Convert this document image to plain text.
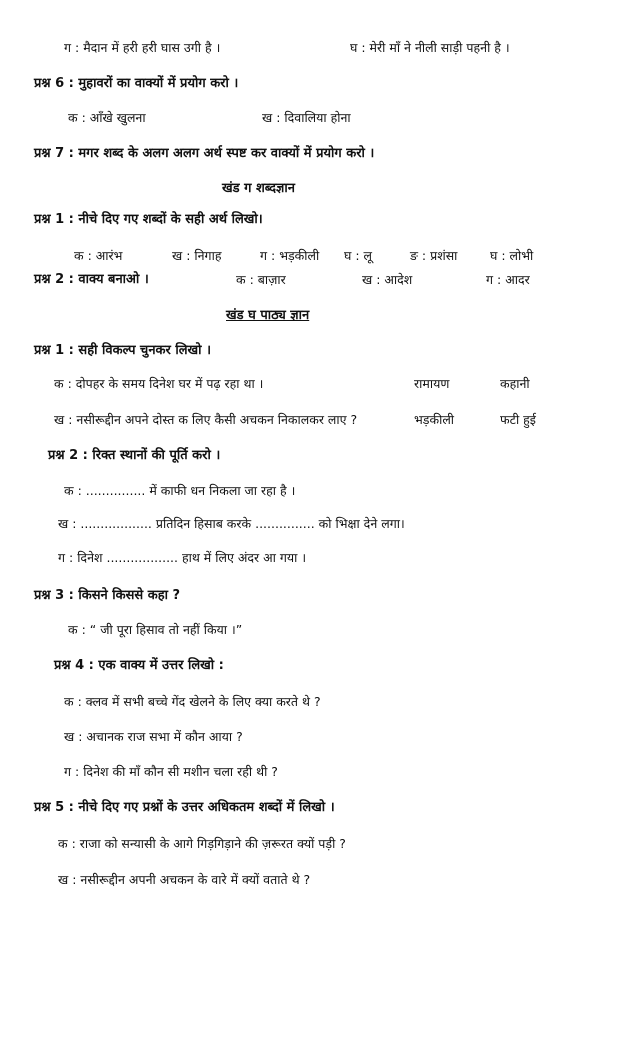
ग : मैदान में हरी हरी घास उगी है ।	घ : मेरी माँ ने नीली साड़ी पहनी है ।
प्रश्न 6 : मुहावरों का वाक्यों में प्रयोग करो ।
क : आँखे खुलना	ख : दिवालिया होना
प्रश्न 7 : मगर शब्द के अलग अलग अर्थ स्पष्ट कर वाक्यों में प्रयोग करो ।
खंड ग शब्दज्ञान
प्रश्न 1 : नीचे दिए गए शब्दों के सही अर्थ लिखो।
क : आरंभ	ख : निगाह	ग : भड़कीली घ : लू	ङ : प्रशंसा	घ : लोभी
प्रश्न 2 : वाक्य बनाओ ।	क : बाज़ार	ख : आदेश	ग : आदर
खंड घ पाठ्य ज्ञान
प्रश्न 1 : सही विकल्प चुनकर लिखो ।
क : दोपहर के समय दिनेश घर में पढ़ रहा था ।	रामायण	कहानी
ख : नसीरूद्दीन अपने दोस्त क लिए कैसी अचकन निकालकर लाए ?	भड़कीली	फटी हुई
प्रश्न 2 : रिक्त स्थानों की पूर्ति करो ।
क : ............... में काफी धन निकला जा रहा है ।
ख : .................. प्रतिदिन हिसाब करके ............... को भिक्षा देने लगा।
ग : दिनेश .................. हाथ में लिए अंदर आ गया ।
प्रश्न 3 : किसने किससे कहा ?
क : “ जी पूरा हिसाव तो नहीं किया ।”
प्रश्न 4 : एक वाक्य में उत्तर लिखो :
क : क्लव में सभी बच्चे गेंद खेलने के लिए क्या करते थे ?
ख : अचानक राज सभा में कौन आया ?
ग : दिनेश की माँ कौन सी मशीन चला रही थी ?
प्रश्न 5 : नीचे दिए गए प्रश्नों के उत्तर अधिकतम शब्दों में लिखो ।
क : राजा को सन्यासी के आगे गिड़गिड़ाने की ज़रूरत क्यों पड़ी ?
ख : नसीरूद्दीन अपनी अचकन के वारे में क्यों वताते थे ?
